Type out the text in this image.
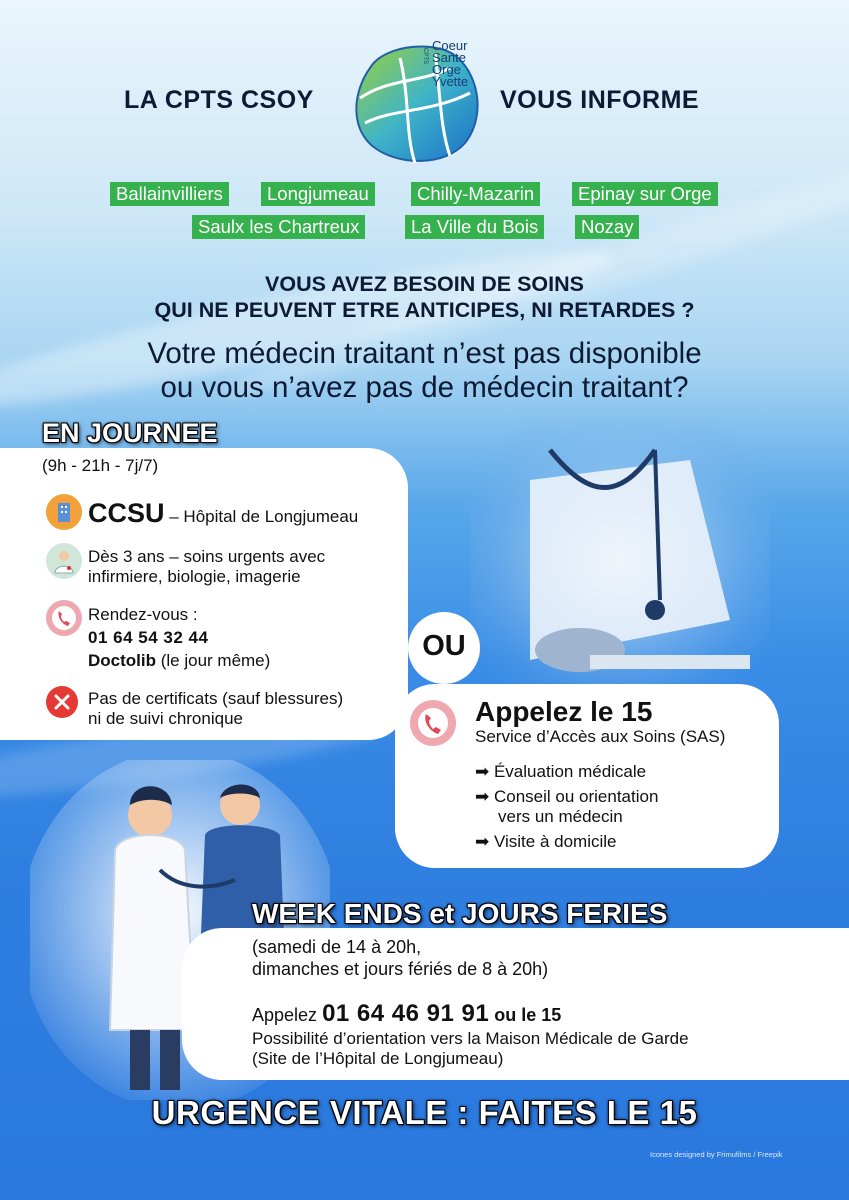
LA CPTS CSOY	VOUS INFORME
Coeur
Sante
Orge
Yvette
CPTS
Ballainvilliers	Longjumeau	Chilly-Mazarin	Epinay sur Orge
Saulx les Chartreux	La Ville du Bois	Nozay
VOUS AVEZ BESOIN DE SOINS
QUI NE PEUVENT ETRE ANTICIPES, NI RETARDES ?
Votre médecin traitant n’est pas disponible
ou vous n’avez pas de médecin traitant?
EN JOURNEE
(9h - 21h - 7j/7)
CCSU – Hôpital de Longjumeau
Dès 3 ans – soins urgents avec
infirmiere, biologie, imagerie
Rendez-vous :
01 64 54 32 44
Doctolib (le jour même)
Pas de certificats (sauf blessures)
ni de suivi chronique
OU
Appelez le 15
Service d’Accès aux Soins (SAS)
➡ Évaluation médicale
➡ Conseil ou orientation
vers un médecin
➡ Visite à domicile
WEEK ENDS et JOURS FERIES
(samedi de 14 à 20h,
dimanches et jours fériés de 8 à 20h)
Appelez 01 64 46 91 91 ou le 15
Possibilité d’orientation vers la Maison Médicale de Garde
(Site de l’Hôpital de Longjumeau)
URGENCE VITALE : FAITES LE 15
Icones designed by Frimufilms / Freepik
